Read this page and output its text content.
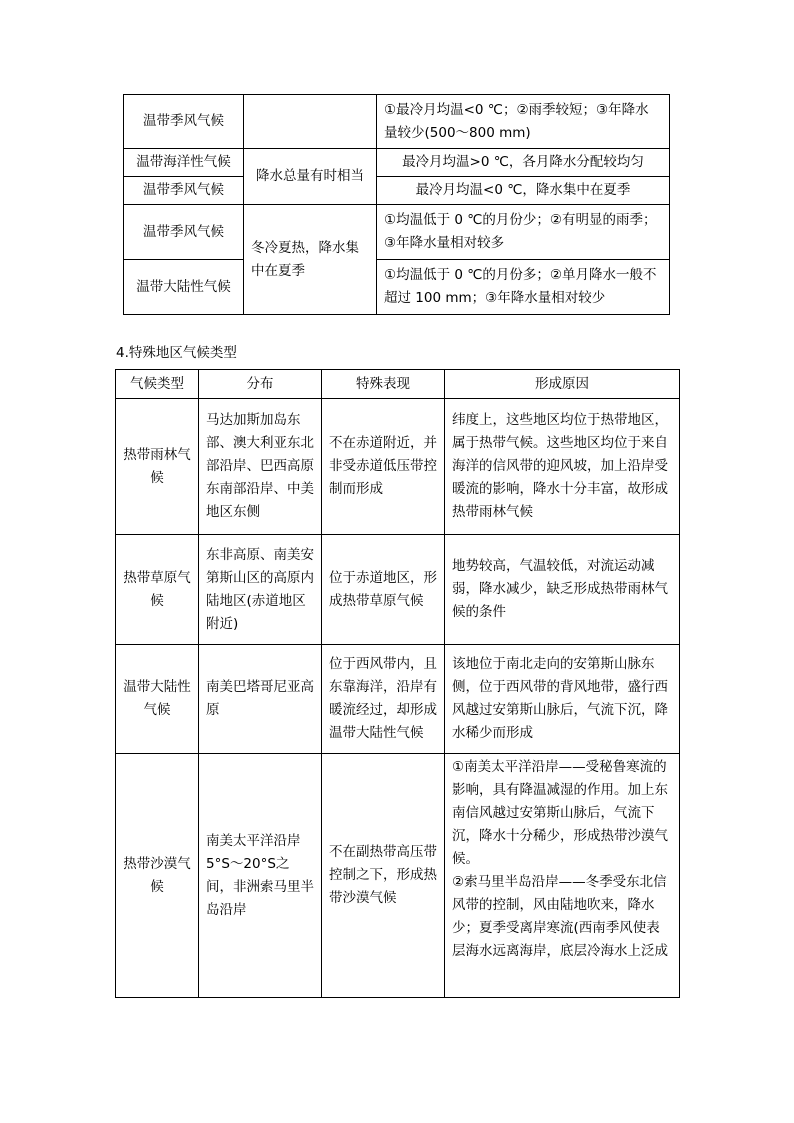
温带季风气候		①最冷月均温<0 ℃；②雨季较短；③年降水量较少(500～800 mm)
温带海洋性气候	降水总量有时相当	最冷月均温>0 ℃，各月降水分配较均匀
温带季风气候		最冷月均温<0 ℃，降水集中在夏季
温带季风气候	冬冷夏热，降水集中在夏季	①均温低于 0 ℃的月份少；②有明显的雨季；③年降水量相对较多
温带大陆性气候		①均温低于 0 ℃的月份多；②单月降水一般不超过 100 mm；③年降水量相对较少
4.特殊地区气候类型
气候类型	分布	特殊表现	形成原因
热带雨林气候	马达加斯加岛东部、澳大利亚东北部沿岸、巴西高原东南部沿岸、中美地区东侧	不在赤道附近，并非受赤道低压带控制而形成	纬度上，这些地区均位于热带地区，属于热带气候。这些地区均位于来自海洋的信风带的迎风坡，加上沿岸受暖流的影响，降水十分丰富，故形成热带雨林气候
热带草原气候	东非高原、南美安第斯山区的高原内陆地区(赤道地区附近)	位于赤道地区，形成热带草原气候	地势较高，气温较低，对流运动减弱，降水减少，缺乏形成热带雨林气候的条件
温带大陆性气候	南美巴塔哥尼亚高原	位于西风带内，且东靠海洋，沿岸有暖流经过，却形成温带大陆性气候	该地位于南北走向的安第斯山脉东侧，位于西风带的背风地带，盛行西风越过安第斯山脉后，气流下沉，降水稀少而形成
热带沙漠气候	南美太平洋沿岸5°S～20°S之间，非洲索马里半岛沿岸	不在副热带高压带控制之下，形成热带沙漠气候	①南美太平洋沿岸——受秘鲁寒流的影响，具有降温减湿的作用。加上东南信风越过安第斯山脉后，气流下沉，降水十分稀少，形成热带沙漠气候。
②索马里半岛沿岸——冬季受东北信风带的控制，风由陆地吹来，降水少；夏季受离岸寒流(西南季风使表层海水远离海岸，底层冷海水上泛成
